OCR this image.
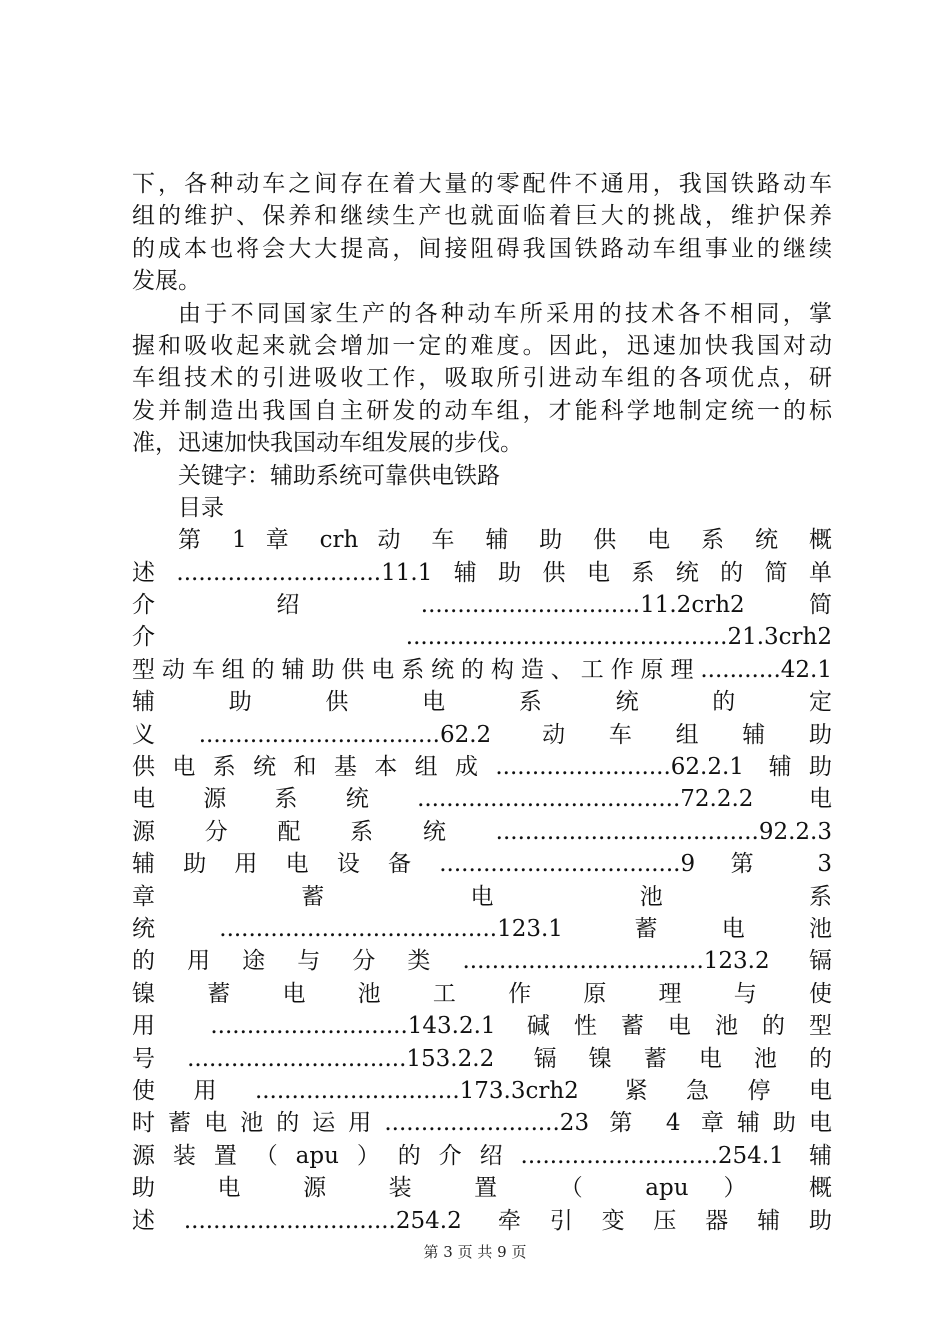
下，各种动车之间存在着大量的零配件不通用，我国铁路动车
组的维护、保养和继续生产也就面临着巨大的挑战，维护保养
的成本也将会大大提高，间接阻碍我国铁路动车组事业的继续
发展。
由于不同国家生产的各种动车所采用的技术各不相同，掌
握和吸收起来就会增加一定的难度。因此，迅速加快我国对动
车组技术的引进吸收工作，吸取所引进动车组的各项优点，研
发并制造出我国自主研发的动车组，才能科学地制定统一的标
准，迅速加快我国动车组发展的步伐。
关键字：辅助系统可靠供电铁路
目录
第 1 章 crh 动 车 辅 助 供 电 系 统 概
述............................11.1辅助供电系统的简单
介 绍 ..............................11.2crh2 简
介............................................21.3crh2
型动车组的辅助供电系统的构造、工作原理...........42.1
辅 助 供 电 系 统 的 定
义.................................62.2 动车组辅助
供电系统和基本组成........................62.2.1 辅助
电源系统....................................72.2.2 电
源分配系统....................................92.2.3
辅助用电设备.................................9 第 3
章 蓄 电 池 系
统......................................123.1 蓄电池
的用途与分类.................................123.2 镉
镍 蓄 电 池 工 作 原 理 与 使
用 ...........................143.2.1 碱性蓄电池的型
号..............................153.2.2 镉镍蓄电池的
使用............................173.3crh2 紧急停电
时蓄电池的运用........................23 第 4 章辅助电
源装置（apu）的介绍...........................254.1 辅
助 电 源 装 置 （ apu ） 概
述.............................254.2 牵引变压器辅助
第 3 页 共 9 页
